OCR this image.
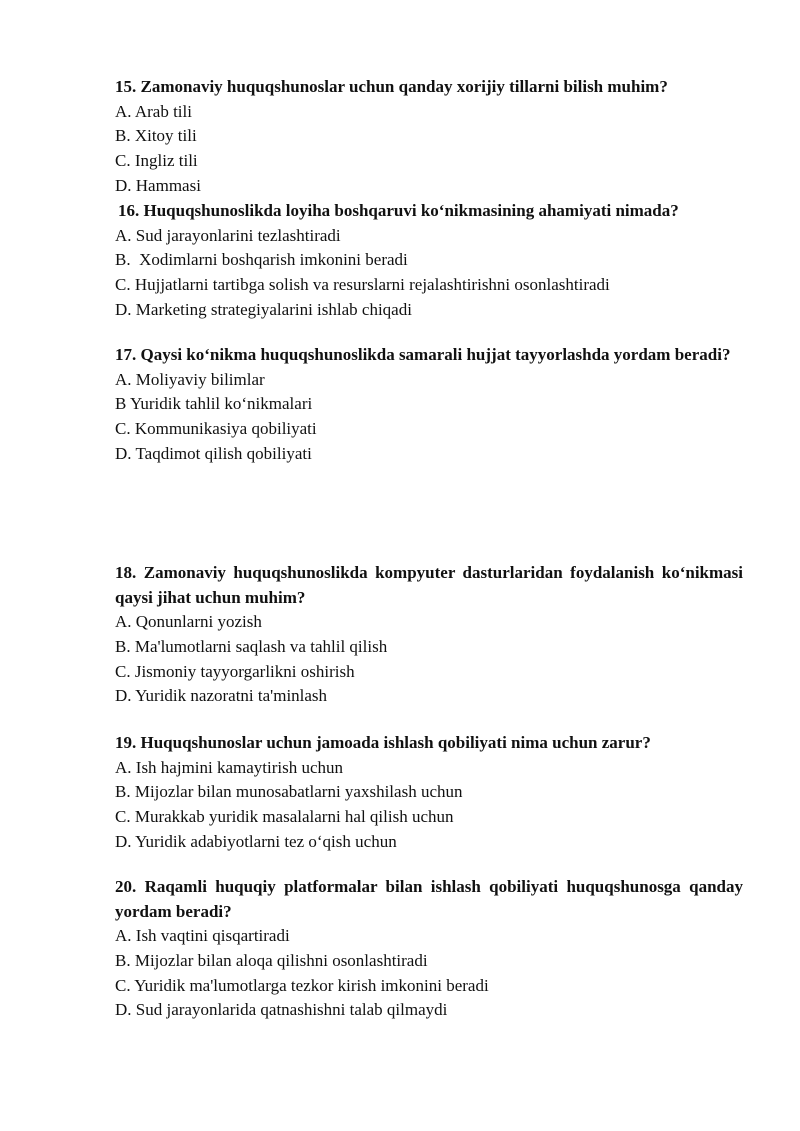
15. Zamonaviy huquqshunoslar uchun qanday xorijiy tillarni bilish muhim?

A. Arab tili

B. Xitoy tili

C. Ingliz tili

D. Hammasi

16. Huquqshunoslikda loyiha boshqaruvi ko‘nikmasining ahamiyati nimada?

A. Sud jarayonlarini tezlashtiradi

B.  Xodimlarni boshqarish imkonini beradi

C. Hujjatlarni tartibga solish va resurslarni rejalashtirishni osonlashtiradi

D. Marketing strategiyalarini ishlab chiqadi

17. Qaysi ko‘nikma huquqshunoslikda samarali hujjat tayyorlashda yordam beradi?

A. Moliyaviy bilimlar

B Yuridik tahlil ko‘nikmalari

C. Kommunikasiya qobiliyati

D. Taqdimot qilish qobiliyati

18. Zamonaviy huquqshunoslikda kompyuter dasturlaridan foydalanish ko‘nikmasi qaysi jihat uchun muhim?

A. Qonunlarni yozish

B. Ma'lumotlarni saqlash va tahlil qilish

C. Jismoniy tayyorgarlikni oshirish

D. Yuridik nazoratni ta'minlash

19. Huquqshunoslar uchun jamoada ishlash qobiliyati nima uchun zarur?

A. Ish hajmini kamaytirish uchun

B. Mijozlar bilan munosabatlarni yaxshilash uchun

C. Murakkab yuridik masalalarni hal qilish uchun

D. Yuridik adabiyotlarni tez o‘qish uchun

20. Raqamli huquqiy platformalar bilan ishlash qobiliyati huquqshunosga qanday yordam beradi?

A. Ish vaqtini qisqartiradi

B. Mijozlar bilan aloqa qilishni osonlashtiradi

C. Yuridik ma'lumotlarga tezkor kirish imkonini beradi

D. Sud jarayonlarida qatnashishni talab qilmaydi
